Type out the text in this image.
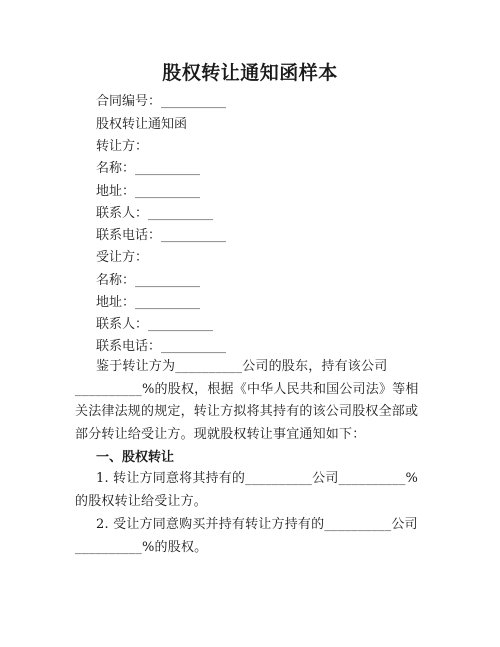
股权转让通知函样本
合同编号：__________
股权转让通知函
转让方：
名称：__________
地址：__________
联系人：__________
联系电话：__________
受让方：
名称：__________
地址：__________
联系人：__________
联系电话：__________
鉴于转让方为__________公司的股东，持有该公司__________%的股权，根据《中华人民共和国公司法》等相关法律法规的规定，转让方拟将其持有的该公司股权全部或部分转让给受让方。现就股权转让事宜通知如下：
一、股权转让
1. 转让方同意将其持有的__________公司__________%的股权转让给受让方。
2. 受让方同意购买并持有转让方持有的__________公司__________%的股权。
